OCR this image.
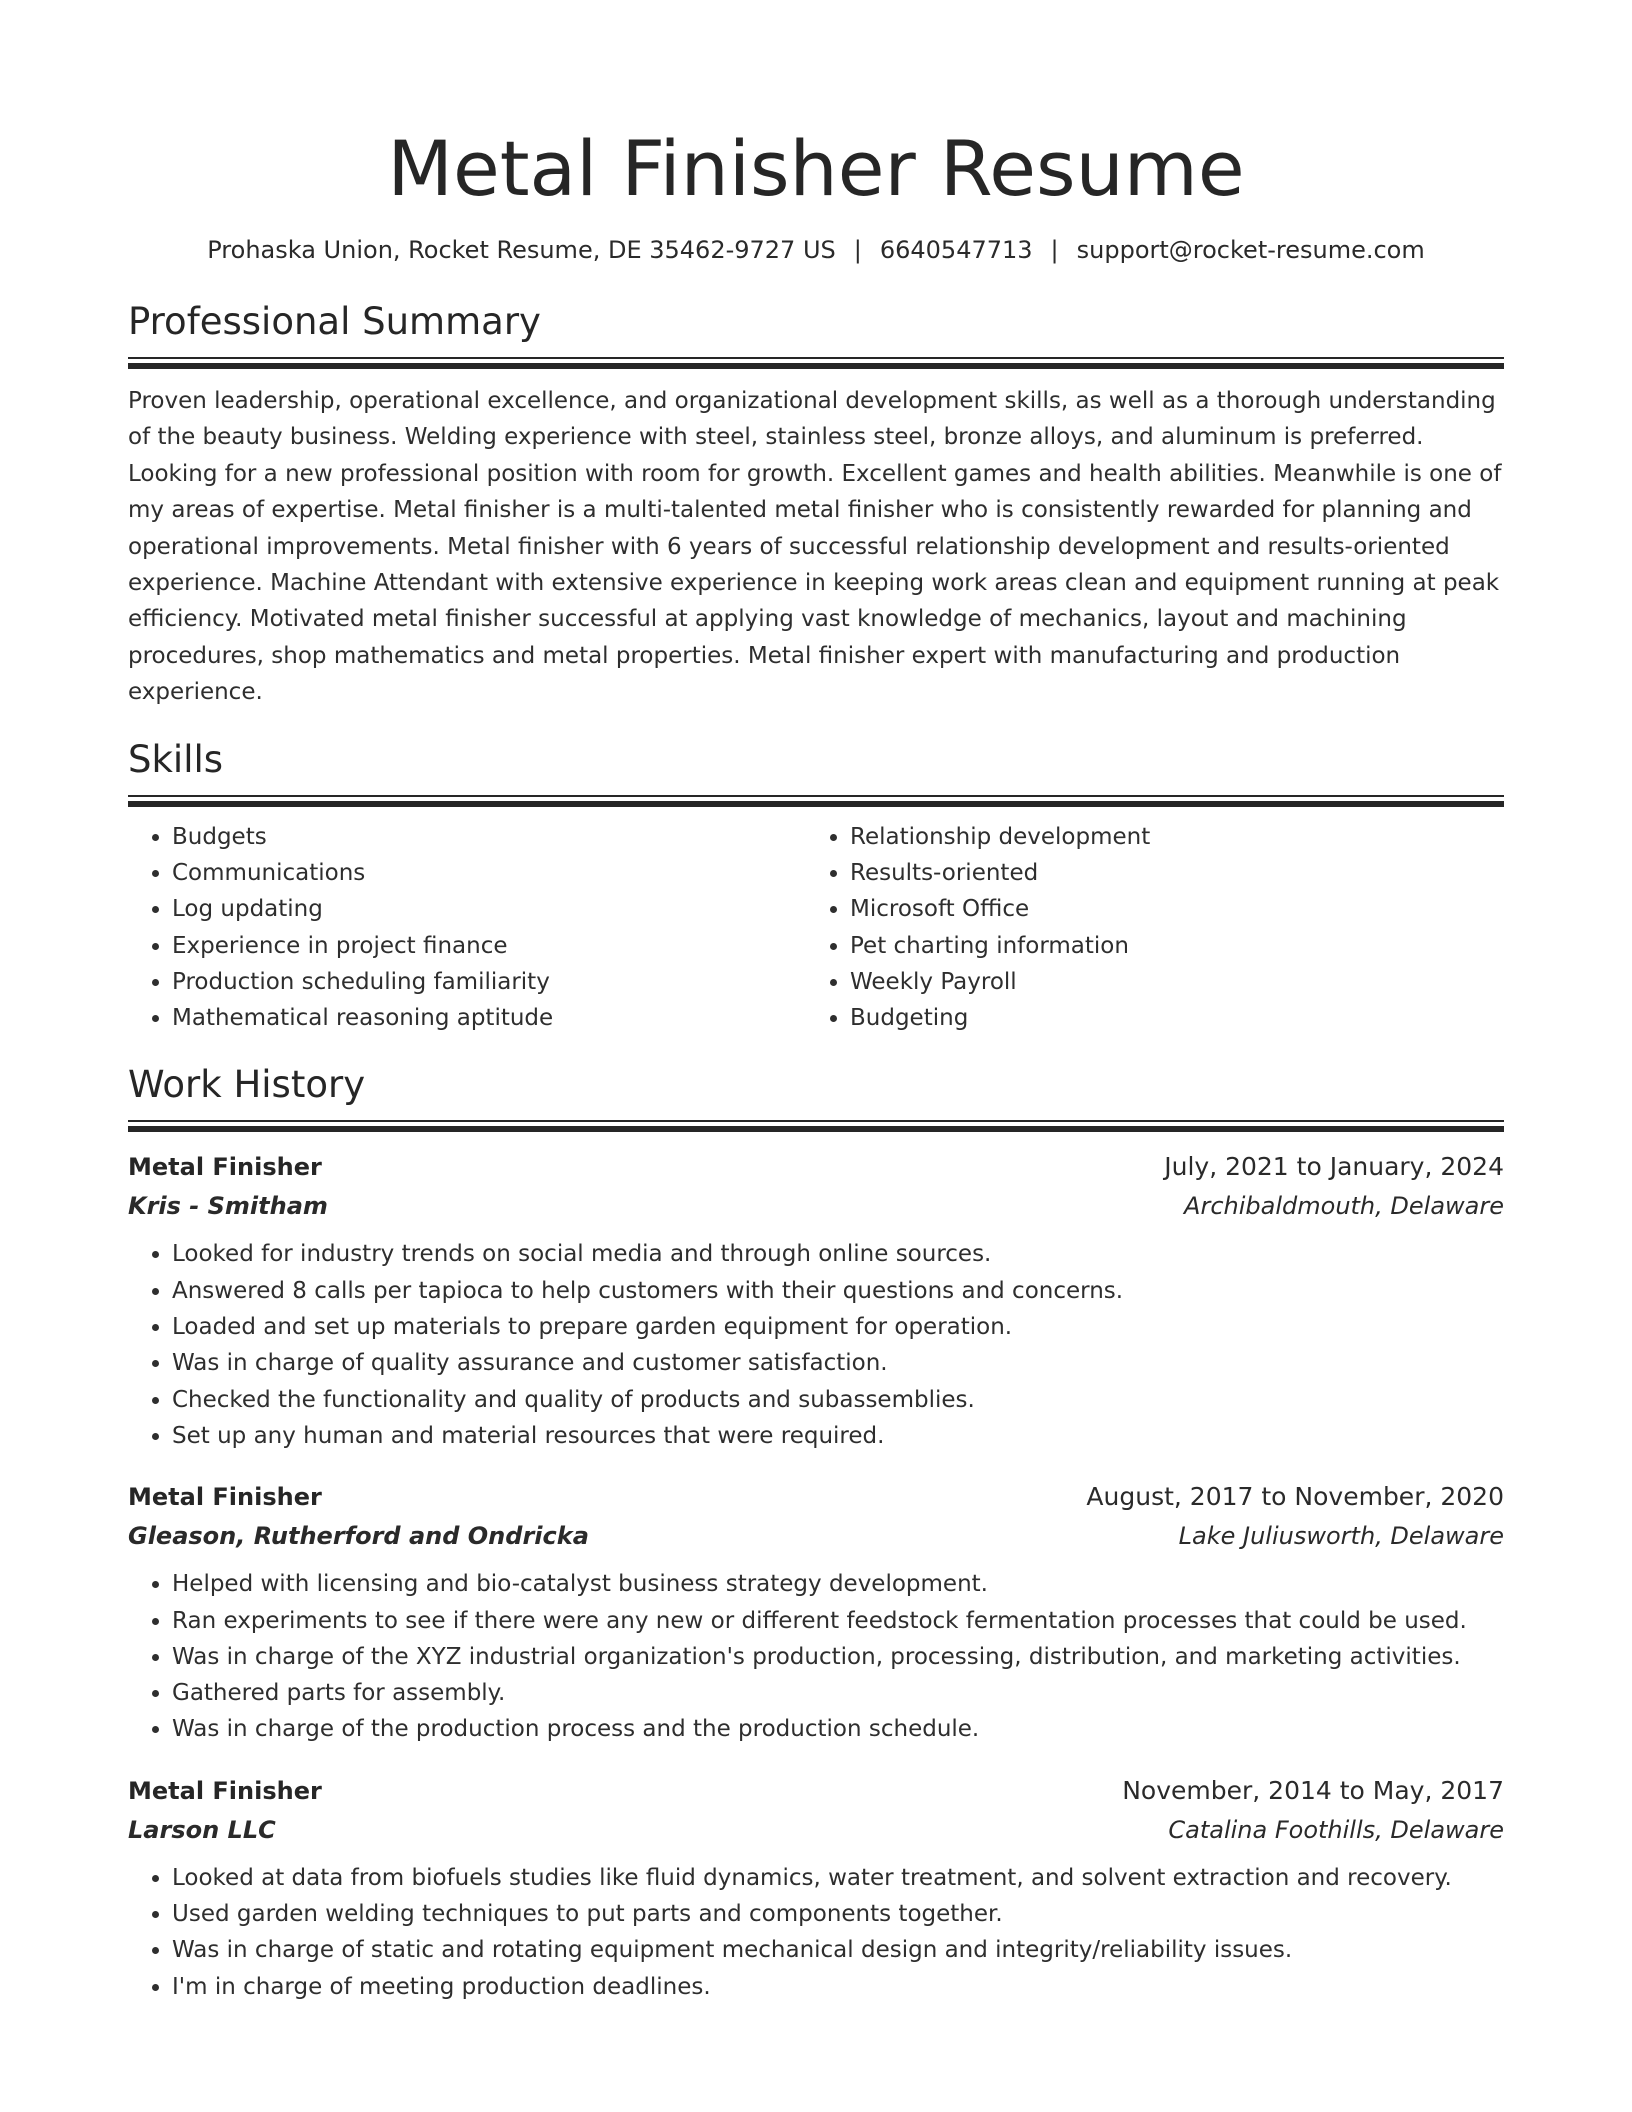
Metal Finisher Resume
Prohaska Union, Rocket Resume, DE 35462-9727 US | 6640547713 | support@rocket-resume.com
Professional Summary
Proven leadership, operational excellence, and organizational development skills, as well as a thorough understanding of the beauty business. Welding experience with steel, stainless steel, bronze alloys, and aluminum is preferred. Looking for a new professional position with room for growth. Excellent games and health abilities. Meanwhile is one of my areas of expertise. Metal finisher is a multi-talented metal finisher who is consistently rewarded for planning and operational improvements. Metal finisher with 6 years of successful relationship development and results-oriented experience. Machine Attendant with extensive experience in keeping work areas clean and equipment running at peak efficiency. Motivated metal finisher successful at applying vast knowledge of mechanics, layout and machining procedures, shop mathematics and metal properties. Metal finisher expert with manufacturing and production experience.
Skills
• Budgets
• Communications
• Log updating
• Experience in project finance
• Production scheduling familiarity
• Mathematical reasoning aptitude
• Relationship development
• Results-oriented
• Microsoft Office
• Pet charting information
• Weekly Payroll
• Budgeting
Work History
Metal Finisher	July, 2021 to January, 2024
Kris - Smitham	Archibaldmouth, Delaware
• Looked for industry trends on social media and through online sources.
• Answered 8 calls per tapioca to help customers with their questions and concerns.
• Loaded and set up materials to prepare garden equipment for operation.
• Was in charge of quality assurance and customer satisfaction.
• Checked the functionality and quality of products and subassemblies.
• Set up any human and material resources that were required.
Metal Finisher	August, 2017 to November, 2020
Gleason, Rutherford and Ondricka	Lake Juliusworth, Delaware
• Helped with licensing and bio-catalyst business strategy development.
• Ran experiments to see if there were any new or different feedstock fermentation processes that could be used.
• Was in charge of the XYZ industrial organization's production, processing, distribution, and marketing activities.
• Gathered parts for assembly.
• Was in charge of the production process and the production schedule.
Metal Finisher	November, 2014 to May, 2017
Larson LLC	Catalina Foothills, Delaware
• Looked at data from biofuels studies like fluid dynamics, water treatment, and solvent extraction and recovery.
• Used garden welding techniques to put parts and components together.
• Was in charge of static and rotating equipment mechanical design and integrity/reliability issues.
• I'm in charge of meeting production deadlines.
